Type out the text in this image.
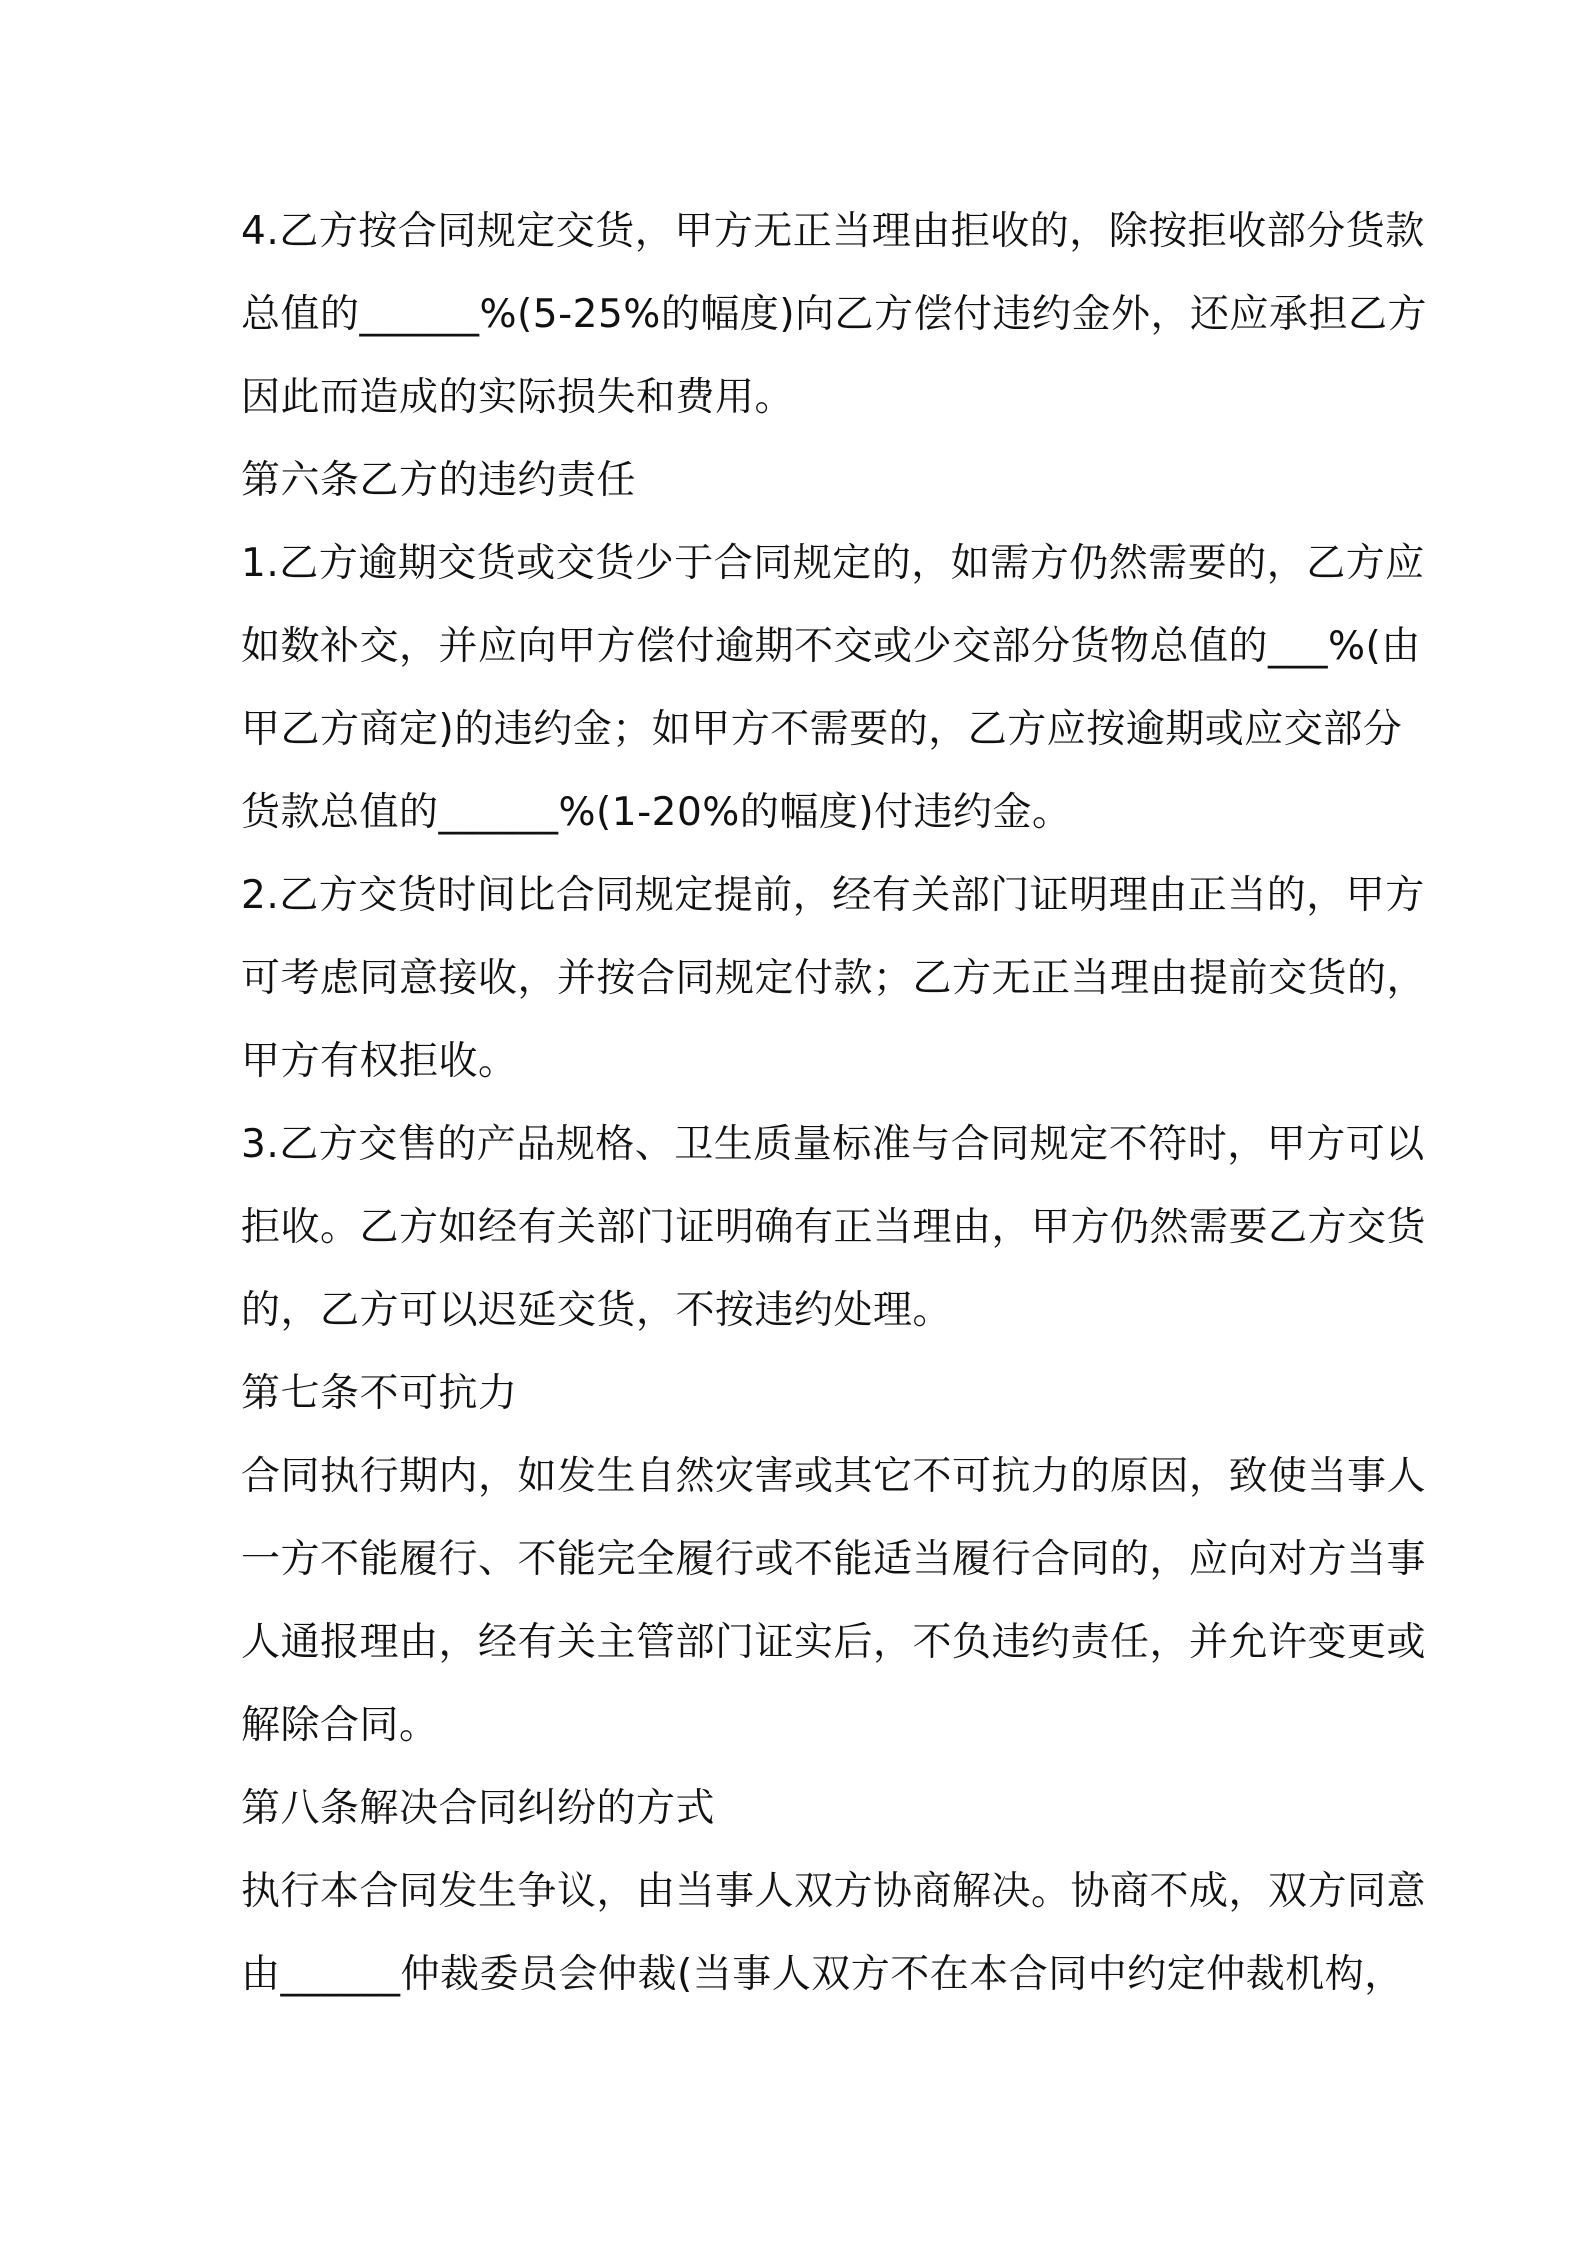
4.乙方按合同规定交货，甲方无正当理由拒收的，除按拒收部分货款
总值的______%(5-25%的幅度)向乙方偿付违约金外，还应承担乙方
因此而造成的实际损失和费用。
第六条乙方的违约责任
1.乙方逾期交货或交货少于合同规定的，如需方仍然需要的，乙方应
如数补交，并应向甲方偿付逾期不交或少交部分货物总值的___%(由
甲乙方商定)的违约金；如甲方不需要的，乙方应按逾期或应交部分
货款总值的______%(1-20%的幅度)付违约金。
2.乙方交货时间比合同规定提前，经有关部门证明理由正当的，甲方
可考虑同意接收，并按合同规定付款；乙方无正当理由提前交货的，
甲方有权拒收。
3.乙方交售的产品规格、卫生质量标准与合同规定不符时，甲方可以
拒收。乙方如经有关部门证明确有正当理由，甲方仍然需要乙方交货
的，乙方可以迟延交货，不按违约处理。
第七条不可抗力
合同执行期内，如发生自然灾害或其它不可抗力的原因，致使当事人
一方不能履行、不能完全履行或不能适当履行合同的，应向对方当事
人通报理由，经有关主管部门证实后，不负违约责任，并允许变更或
解除合同。
第八条解决合同纠纷的方式
执行本合同发生争议，由当事人双方协商解决。协商不成，双方同意
由______仲裁委员会仲裁(当事人双方不在本合同中约定仲裁机构，
